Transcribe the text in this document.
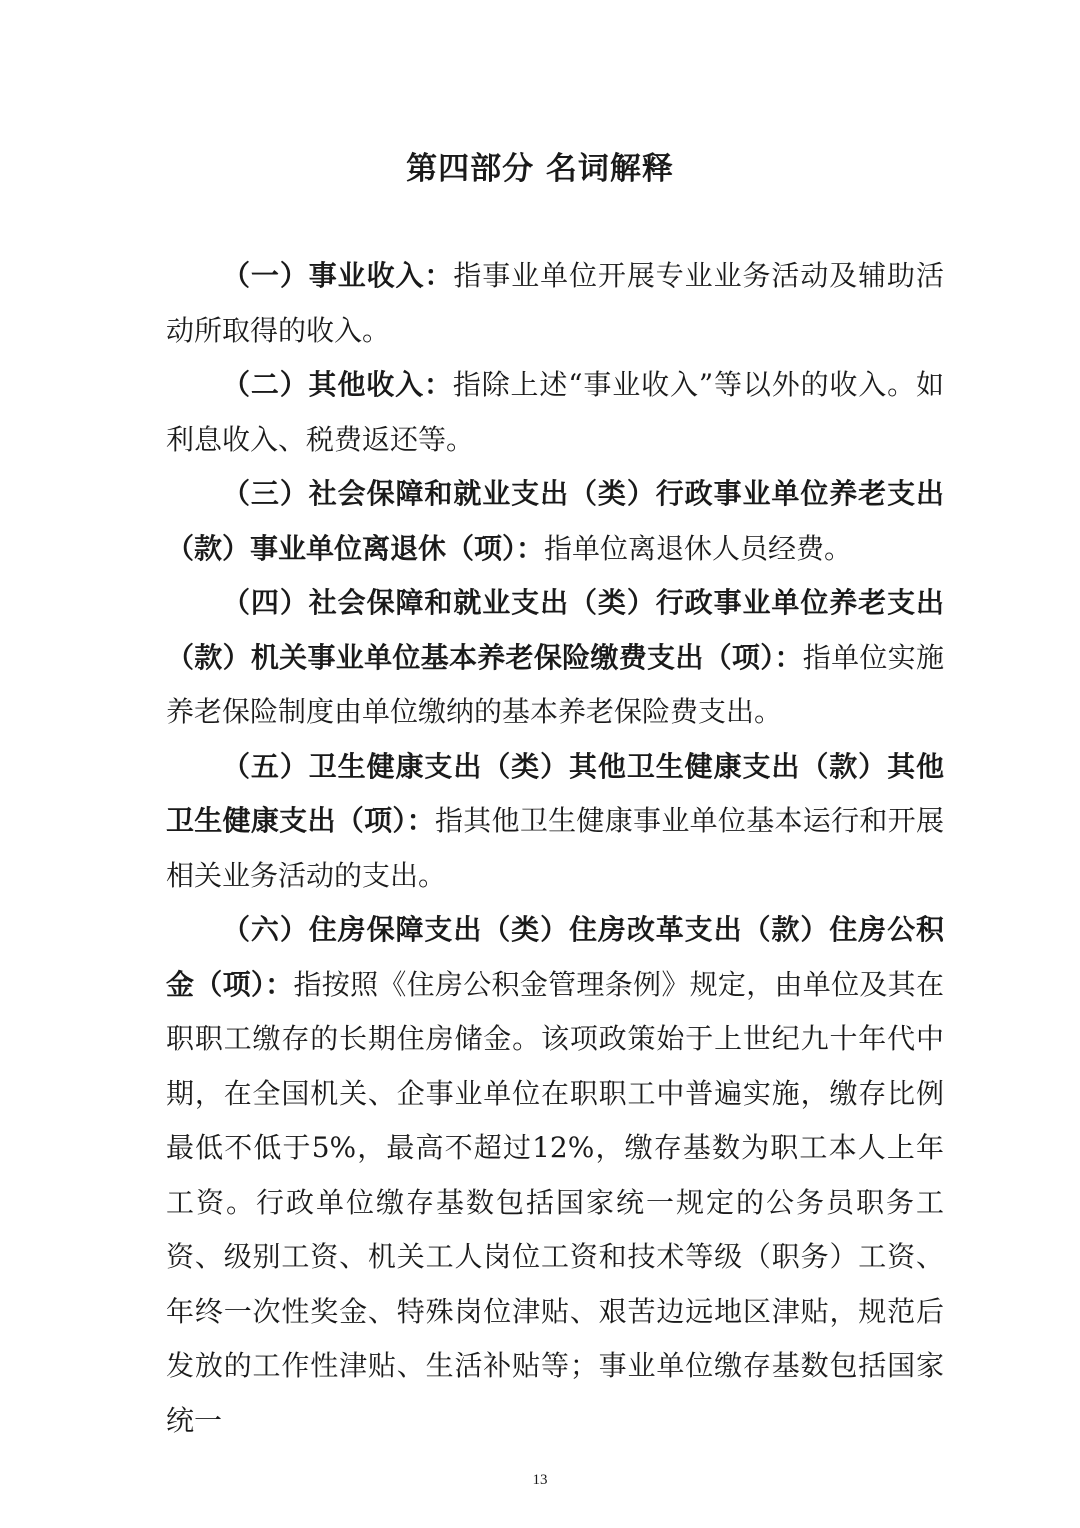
第四部分 名词解释

（一）事业收入：指事业单位开展专业业务活动及辅助活动所取得的收入。

（二）其他收入：指除上述“事业收入”等以外的收入。如利息收入、税费返还等。

（三）社会保障和就业支出（类）行政事业单位养老支出（款）事业单位离退休（项）：指单位离退休人员经费。

（四）社会保障和就业支出（类）行政事业单位养老支出（款）机关事业单位基本养老保险缴费支出（项）：指单位实施养老保险制度由单位缴纳的基本养老保险费支出。

（五）卫生健康支出（类）其他卫生健康支出（款）其他卫生健康支出（项）：指其他卫生健康事业单位基本运行和开展相关业务活动的支出。

（六）住房保障支出（类）住房改革支出（款）住房公积金（项）：指按照《住房公积金管理条例》规定，由单位及其在职职工缴存的长期住房储金。该项政策始于上世纪九十年代中期，在全国机关、企事业单位在职职工中普遍实施，缴存比例最低不低于5%，最高不超过12%，缴存基数为职工本人上年工资。行政单位缴存基数包括国家统一规定的公务员职务工资、级别工资、机关工人岗位工资和技术等级（职务）工资、年终一次性奖金、特殊岗位津贴、艰苦边远地区津贴，规范后发放的工作性津贴、生活补贴等；事业单位缴存基数包括国家统一

13
